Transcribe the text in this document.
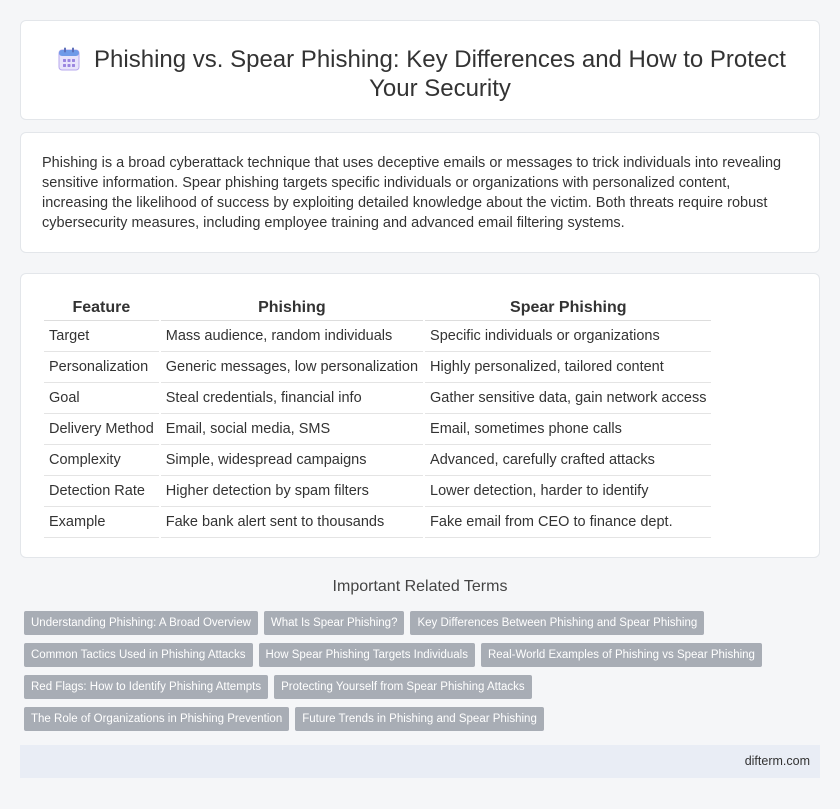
Phishing vs. Spear Phishing: Key Differences and How to Protect Your Security

Phishing is a broad cyberattack technique that uses deceptive emails or messages to trick individuals into revealing sensitive information. Spear phishing targets specific individuals or organizations with personalized content, increasing the likelihood of success by exploiting detailed knowledge about the victim. Both threats require robust cybersecurity measures, including employee training and advanced email filtering systems.

Feature	Phishing	Spear Phishing
Target	Mass audience, random individuals	Specific individuals or organizations
Personalization	Generic messages, low personalization	Highly personalized, tailored content
Goal	Steal credentials, financial info	Gather sensitive data, gain network access
Delivery Method	Email, social media, SMS	Email, sometimes phone calls
Complexity	Simple, widespread campaigns	Advanced, carefully crafted attacks
Detection Rate	Higher detection by spam filters	Lower detection, harder to identify
Example	Fake bank alert sent to thousands	Fake email from CEO to finance dept.
Important Related Terms
Understanding Phishing: A Broad Overview	What Is Spear Phishing?	Key Differences Between Phishing and Spear Phishing
Common Tactics Used in Phishing Attacks	How Spear Phishing Targets Individuals	Real-World Examples of Phishing vs Spear Phishing
Red Flags: How to Identify Phishing Attempts	Protecting Yourself from Spear Phishing Attacks
The Role of Organizations in Phishing Prevention	Future Trends in Phishing and Spear Phishing
difterm.com
